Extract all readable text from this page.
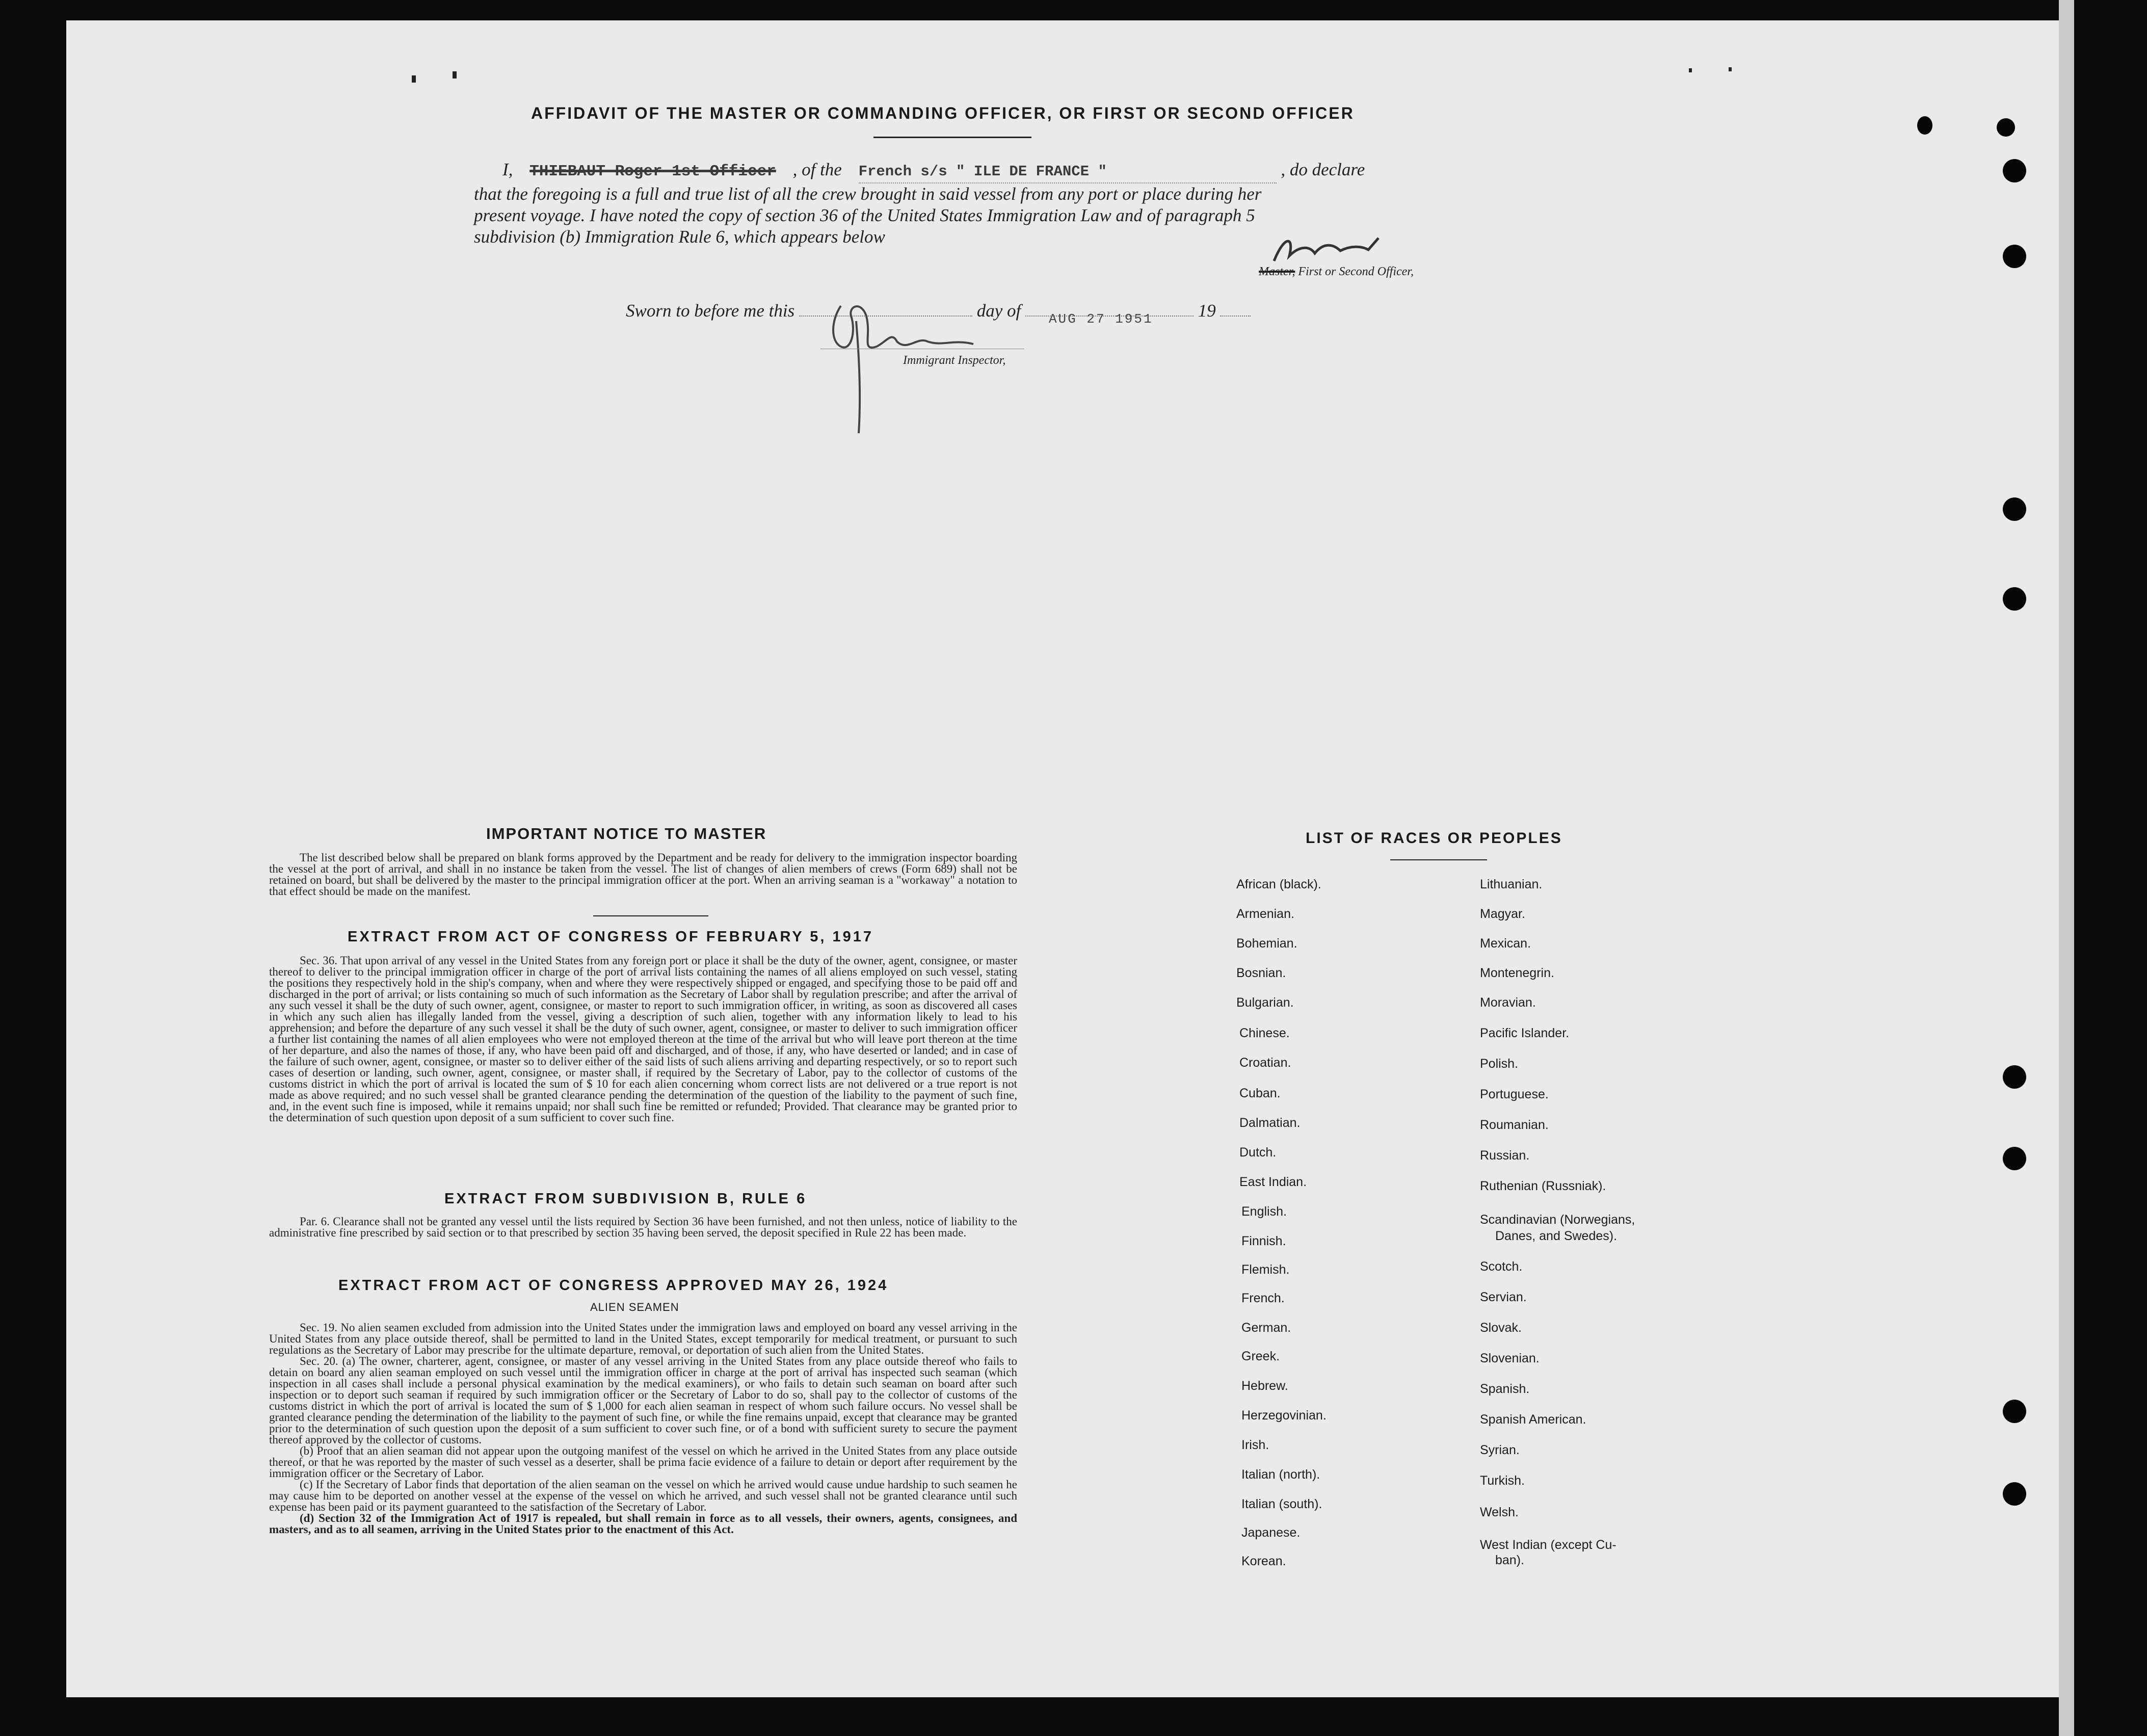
AFFIDAVIT OF THE MASTER OR COMMANDING OFFICER, OR FIRST OR SECOND OFFICER
I, THIEBAUT Roger 1st Officer , of the French s/s " ILE DE FRANCE "	, do declare
that the foregoing is a full and true list of all the crew brought in said vessel from any port or place during her
present voyage. I have noted the copy of section 36 of the United States Immigration Law and of paragraph 5
subdivision (b) Immigration Rule 6, which appears below
Master, First or Second Officer,
Sworn to before me this	day of AUG 27 1951	19
Immigrant Inspector,
IMPORTANT NOTICE TO MASTER

The list described below shall be prepared on blank forms approved by the Department and be ready for delivery to the immigration inspector boarding the vessel at the port of arrival, and shall in no instance be taken from the vessel. The list of changes of alien members of crews (Form 689) shall not be retained on board, but shall be delivered by the master to the principal immigration officer at the port. When an arriving seaman is a "workaway" a notation to that effect should be made on the manifest.

EXTRACT FROM ACT OF CONGRESS OF FEBRUARY 5, 1917

Sec. 36. That upon arrival of any vessel in the United States from any foreign port or place it shall be the duty of the owner, agent, consignee, or master thereof to deliver to the principal immigration officer in charge of the port of arrival lists containing the names of all aliens employed on such vessel, stating the positions they respectively hold in the ship's company, when and where they were respectively shipped or engaged, and specifying those to be paid off and discharged in the port of arrival; or lists containing so much of such information as the Secretary of Labor shall by regulation prescribe; and after the arrival of any such vessel it shall be the duty of such owner, agent, consignee, or master to report to such immigration officer, in writing, as soon as discovered all cases in which any such alien has illegally landed from the vessel, giving a description of such alien, together with any information likely to lead to his apprehension; and before the departure of any such vessel it shall be the duty of such owner, agent, consignee, or master to deliver to such immigration officer a further list containing the names of all alien employees who were not employed thereon at the time of the arrival but who will leave port thereon at the time of her departure, and also the names of those, if any, who have been paid off and discharged, and of those, if any, who have deserted or landed; and in case of the failure of such owner, agent, consignee, or master so to deliver either of the said lists of such aliens arriving and departing respectively, or so to report such cases of desertion or landing, such owner, agent, consignee, or master shall, if required by the Secretary of Labor, pay to the collector of customs of the customs district in which the port of arrival is located the sum of $ 10 for each alien concerning whom correct lists are not delivered or a true report is not made as above required; and no such vessel shall be granted clearance pending the determination of the question of the liability to the payment of such fine, and, in the event such fine is imposed, while it remains unpaid; nor shall such fine be remitted or refunded; Provided. That clearance may be granted prior to the determination of such question upon deposit of a sum sufficient to cover such fine.

EXTRACT FROM SUBDIVISION B, RULE 6

Par. 6. Clearance shall not be granted any vessel until the lists required by Section 36 have been furnished, and not then unless, notice of liability to the administrative fine prescribed by said section or to that prescribed by section 35 having been served, the deposit specified in Rule 22 has been made.

EXTRACT FROM ACT OF CONGRESS APPROVED MAY 26, 1924
ALIEN SEAMEN

Sec. 19. No alien seamen excluded from admission into the United States under the immigration laws and employed on board any vessel arriving in the United States from any place outside thereof, shall be permitted to land in the United States, except temporarily for medical treatment, or pursuant to such regulations as the Secretary of Labor may prescribe for the ultimate departure, removal, or deportation of such alien from the United States.

Sec. 20. (a) The owner, charterer, agent, consignee, or master of any vessel arriving in the United States from any place outside thereof who fails to detain on board any alien seaman employed on such vessel until the immigration officer in charge at the port of arrival has inspected such seaman (which inspection in all cases shall include a personal physical examination by the medical examiners), or who fails to detain such seaman on board after such inspection or to deport such seaman if required by such immigration officer or the Secretary of Labor to do so, shall pay to the collector of customs of the customs district in which the port of arrival is located the sum of $ 1,000 for each alien seaman in respect of whom such failure occurs. No vessel shall be granted clearance pending the determination of the liability to the payment of such fine, or while the fine remains unpaid, except that clearance may be granted prior to the determination of such question upon the deposit of a sum sufficient to cover such fine, or of a bond with sufficient surety to secure the payment thereof approved by the collector of customs.

(b) Proof that an alien seaman did not appear upon the outgoing manifest of the vessel on which he arrived in the United States from any place outside thereof, or that he was reported by the master of such vessel as a deserter, shall be prima facie evidence of a failure to detain or deport after requirement by the immigration officer or the Secretary of Labor.

(c) If the Secretary of Labor finds that deportation of the alien seaman on the vessel on which he arrived would cause undue hardship to such seamen he may cause him to be deported on another vessel at the expense of the vessel on which he arrived, and such vessel shall not be granted clearance until such expense has been paid or its payment guaranteed to the satisfaction of the Secretary of Labor.

(d) Section 32 of the Immigration Act of 1917 is repealed, but shall remain in force as to all vessels, their owners, agents, consignees, and masters, and as to all seamen, arriving in the United States prior to the enactment of this Act.

LIST OF RACES OR PEOPLES
African (black).
Armenian.
Bohemian.
Bosnian.
Bulgarian.
Chinese.
Croatian.
Cuban.
Dalmatian.
Dutch.
East Indian.
English.
Finnish.
Flemish.
French.
German.
Greek.
Hebrew.
Herzegovinian.
Irish.
Italian (north).
Italian (south).
Japanese.
Korean.
Lithuanian.
Magyar.
Mexican.
Montenegrin.
Moravian.
Pacific Islander.
Polish.
Portuguese.
Roumanian.
Russian.
Ruthenian (Russniak).
Scandinavian (Norwegians,
Danes, and Swedes).
Scotch.
Servian.
Slovak.
Slovenian.
Spanish.
Spanish American.
Syrian.
Turkish.
Welsh.
West Indian (except Cu-
ban).
